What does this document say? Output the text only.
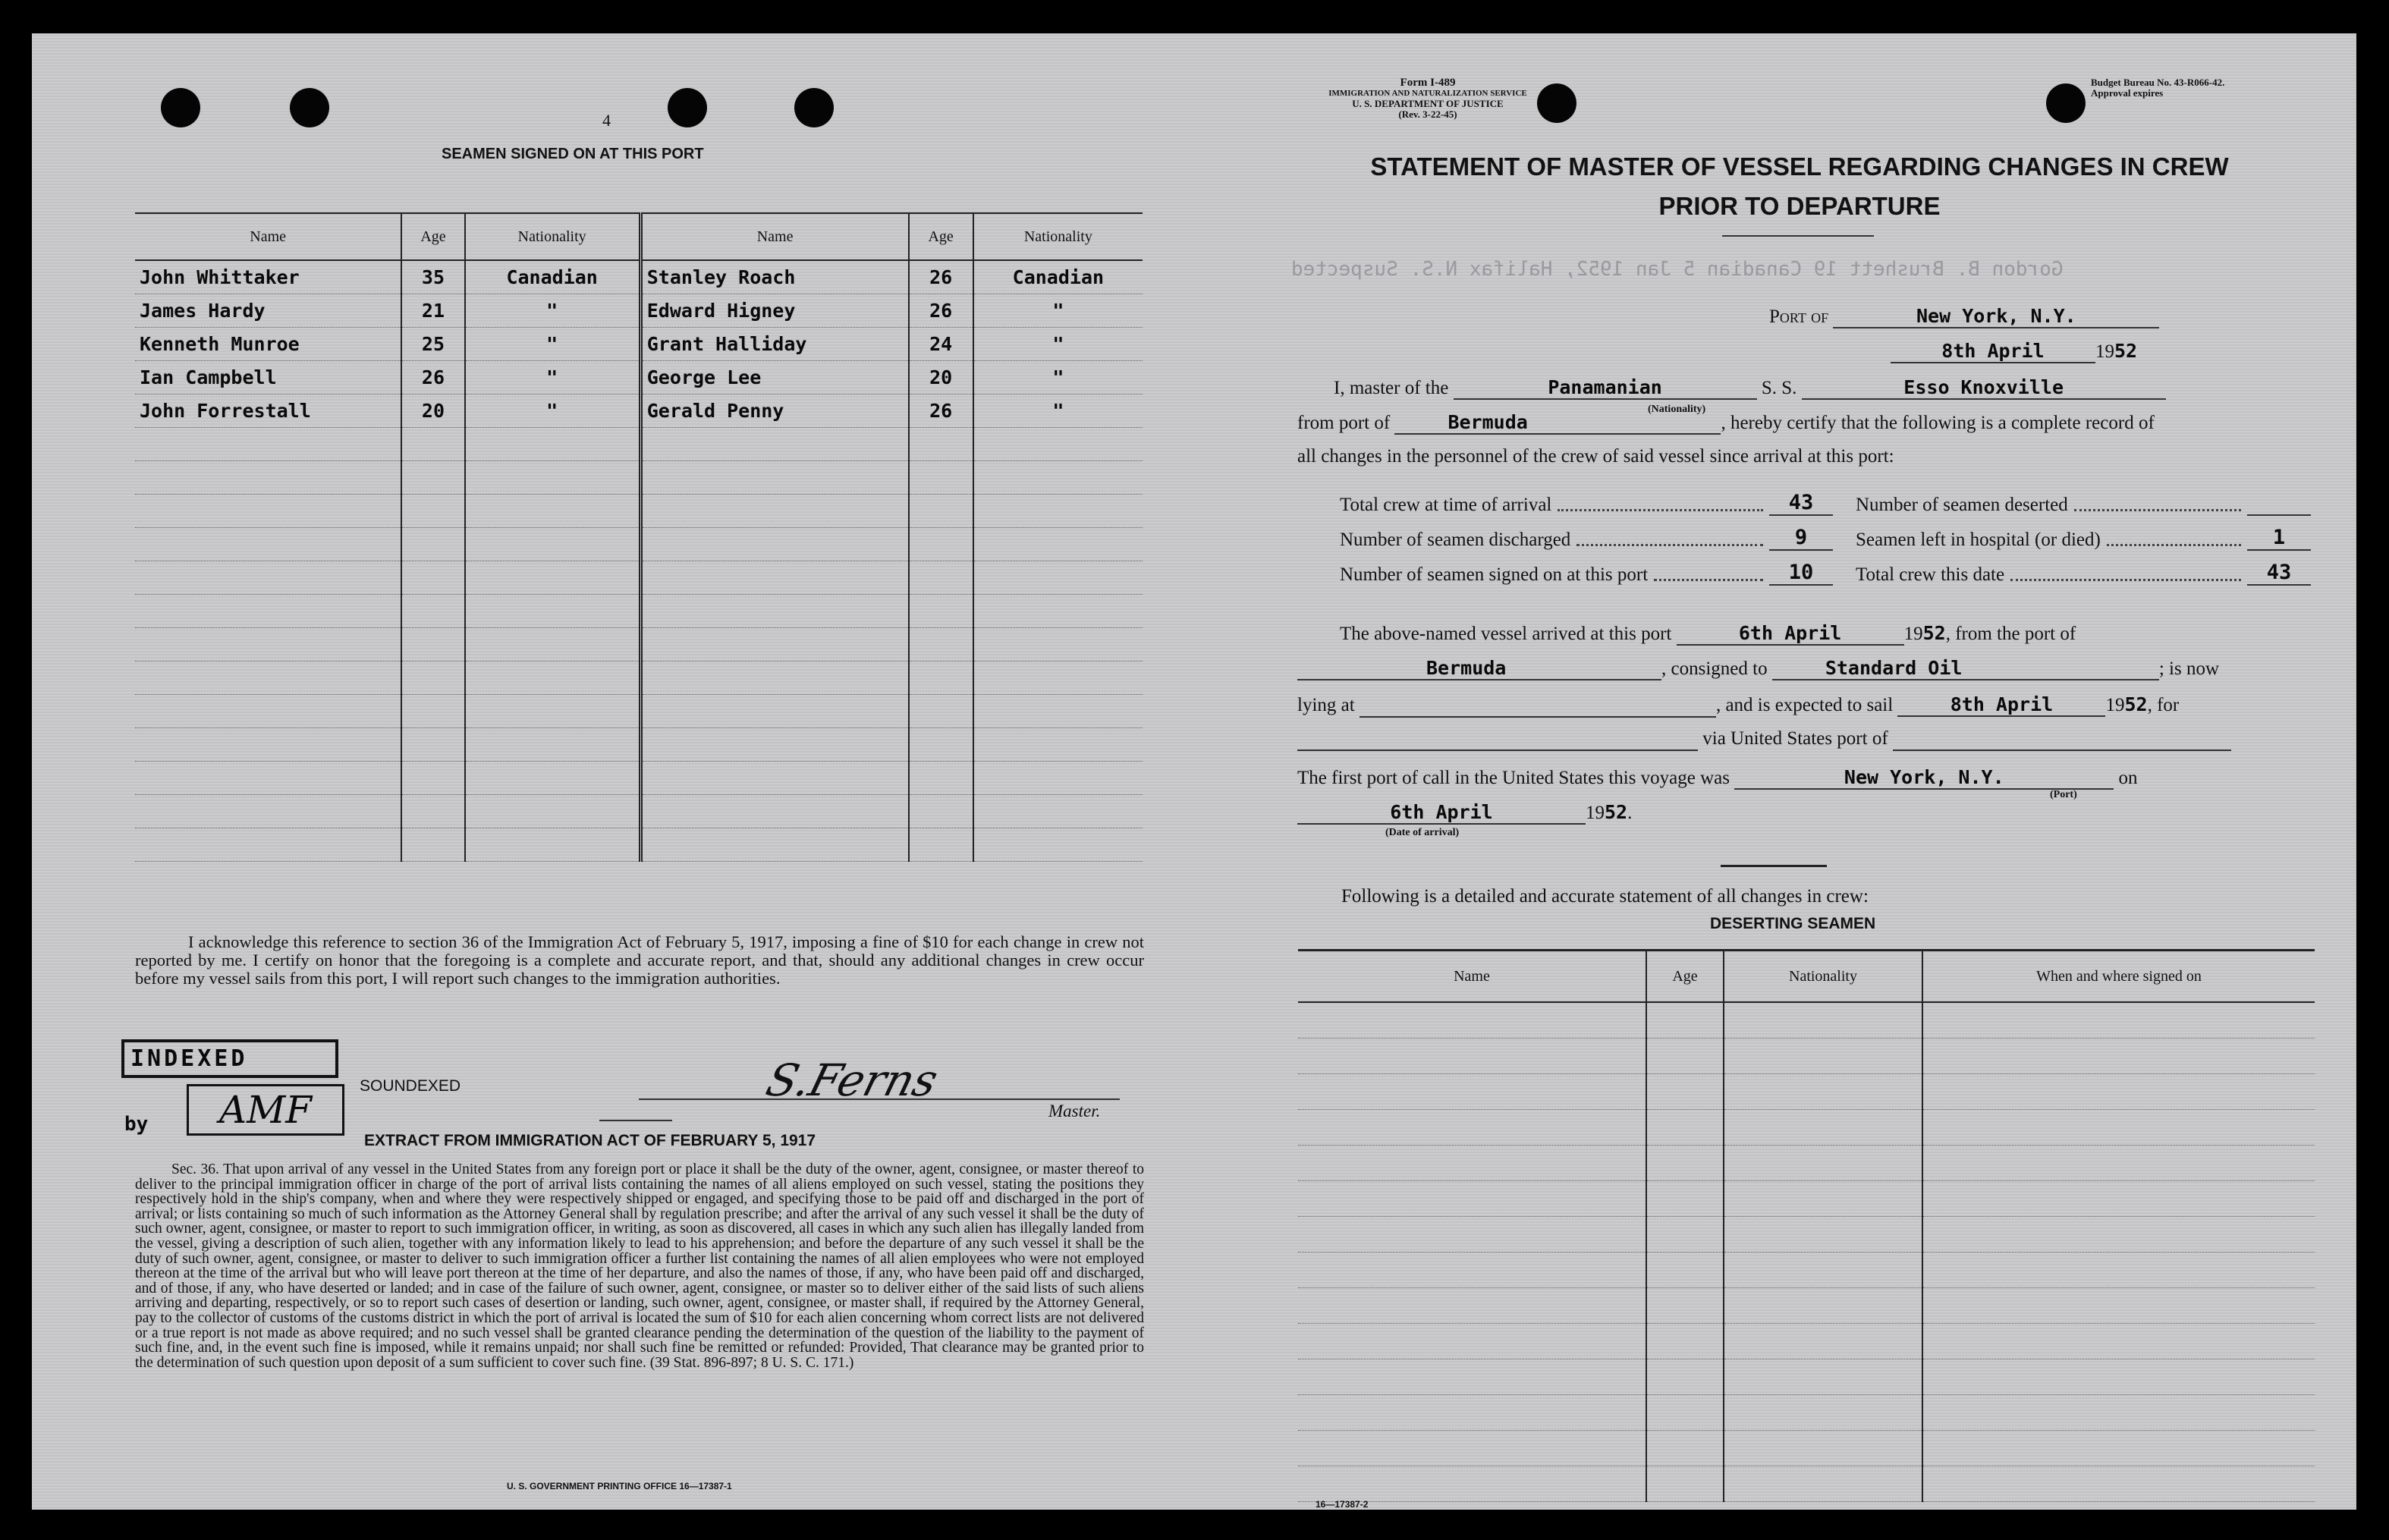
4
SEAMEN SIGNED ON AT THIS PORT
Name	Age	Nationality	Name	Age	Nationality
John Whittaker	35	Canadian	Stanley Roach	26	Canadian
James Hardy	21	"	Edward Higney	26	"
Kenneth Munroe	25	"	Grant Halliday	24	"
Ian Campbell	26	"	George Lee	20	"
John Forrestall	20	"	Gerald Penny	26	"

I acknowledge this reference to section 36 of the Immigration Act of February 5, 1917, imposing a fine of $10 for each change in crew not reported by me. I certify on honor that the foregoing is a complete and accurate report, and that, should any additional changes in crew occur before my vessel sails from this port, I will report such changes to the immigration authorities.
INDEXED
by	AMF
SOUNDEXED	S.Ferns
Master.
EXTRACT FROM IMMIGRATION ACT OF FEBRUARY 5, 1917
Sec. 36. That upon arrival of any vessel in the United States from any foreign port or place it shall be the duty of the owner, agent, consignee, or master thereof to deliver to the principal immigration officer in charge of the port of arrival lists containing the names of all aliens employed on such vessel, stating the positions they respectively hold in the ship's company, when and where they were respectively shipped or engaged, and specifying those to be paid off and discharged in the port of arrival; or lists containing so much of such information as the Attorney General shall by regulation prescribe; and after the arrival of any such vessel it shall be the duty of such owner, agent, consignee, or master to report to such immigration officer, in writing, as soon as discovered, all cases in which any such alien has illegally landed from the vessel, giving a description of such alien, together with any information likely to lead to his apprehension; and before the departure of any such vessel it shall be the duty of such owner, agent, consignee, or master to deliver to such immigration officer a further list containing the names of all alien employees who were not employed thereon at the time of the arrival but who will leave port thereon at the time of her departure, and also the names of those, if any, who have been paid off and discharged, and of those, if any, who have deserted or landed; and in case of the failure of such owner, agent, consignee, or master so to deliver either of the said lists of such aliens arriving and departing, respectively, or so to report such cases of desertion or landing, such owner, agent, consignee, or master shall, if required by the Attorney General, pay to the collector of customs of the customs district in which the port of arrival is located the sum of $10 for each alien concerning whom correct lists are not delivered or a true report is not made as above required; and no such vessel shall be granted clearance pending the determination of the question of the liability to the payment of such fine, and, in the event such fine is imposed, while it remains unpaid; nor shall such fine be remitted or refunded: Provided, That clearance may be granted prior to the determination of such question upon deposit of a sum sufficient to cover such fine. (39 Stat. 896-897; 8 U. S. C. 171.)
U. S. GOVERNMENT PRINTING OFFICE 16—17387-1
Gordon B. Brushett 19 Canadian 5 Jan 1952, Halifax N.S. Suspected
Form I-489
IMMIGRATION AND NATURALIZATION SERVICE
U. S. DEPARTMENT OF JUSTICE
(Rev. 3-22-45)
Budget Bureau No. 43-R066-42.
Approval expires
STATEMENT OF MASTER OF VESSEL REGARDING CHANGES IN CREW
PRIOR TO DEPARTURE
Port of	New York, N.Y.
8th April	1952
I, master of the	Panamanian	S. S.	Esso Knoxville
(Nationality)
from port of	Bermuda	, hereby certify that the following is a complete record of
all changes in the personnel of the crew of said vessel since arrival at this port:
Total crew at time of arrival	43
Number of seamen discharged	9
Number of seamen signed on at this port	10
Number of seamen deserted
Seamen left in hospital (or died)	1
Total crew this date	43
The above-named vessel arrived at this port	6th April	1952, from the port of
Bermuda	, consigned to	Standard Oil	; is now
lying at	, and is expected to sail	8th April	1952, for
via United States port of
The first port of call in the United States this voyage was	New York, N.Y.	on
(Port)
6th April	1952.
(Date of arrival)
Following is a detailed and accurate statement of all changes in crew:
DESERTING SEAMEN
Name	Age	Nationality	When and where signed on

16—17387-2
